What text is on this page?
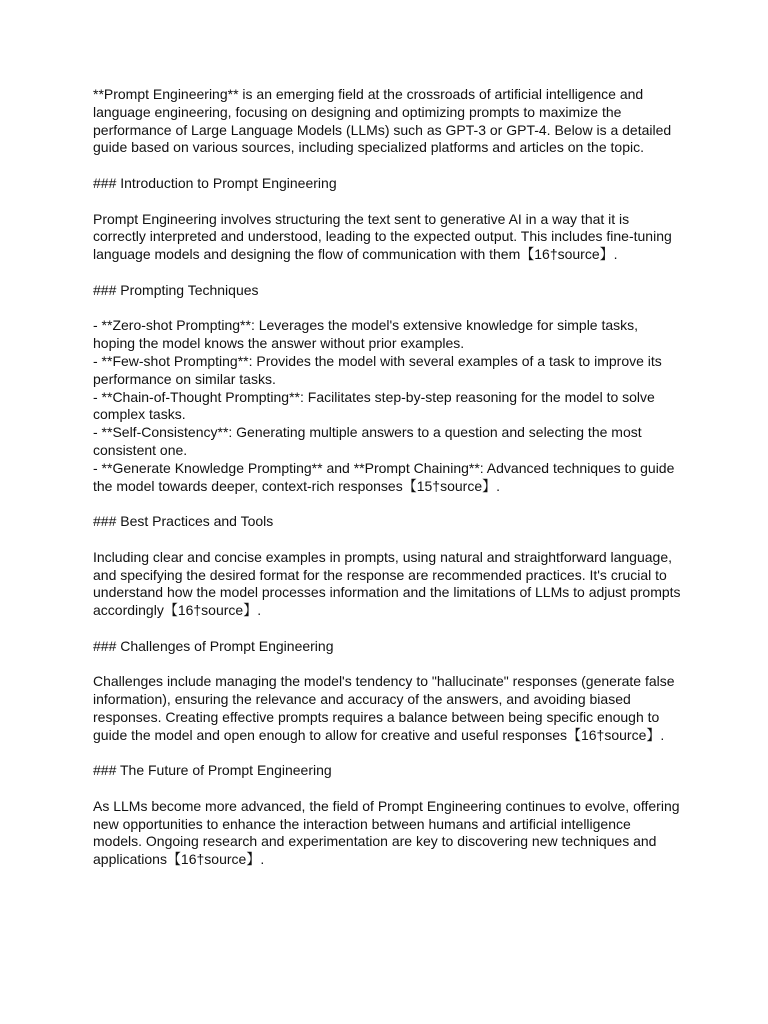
**Prompt Engineering** is an emerging field at the crossroads of artificial intelligence and language engineering, focusing on designing and optimizing prompts to maximize the performance of Large Language Models (LLMs) such as GPT-3 or GPT-4. Below is a detailed guide based on various sources, including specialized platforms and articles on the topic.

### Introduction to Prompt Engineering

Prompt Engineering involves structuring the text sent to generative AI in a way that it is correctly interpreted and understood, leading to the expected output. This includes fine-tuning language models and designing the flow of communication with them【16†source】.

### Prompting Techniques

- **Zero-shot Prompting**: Leverages the model's extensive knowledge for simple tasks, hoping the model knows the answer without prior examples.
- **Few-shot Prompting**: Provides the model with several examples of a task to improve its performance on similar tasks.
- **Chain-of-Thought Prompting**: Facilitates step-by-step reasoning for the model to solve complex tasks.
- **Self-Consistency**: Generating multiple answers to a question and selecting the most consistent one.
- **Generate Knowledge Prompting** and **Prompt Chaining**: Advanced techniques to guide the model towards deeper, context-rich responses【15†source】.

### Best Practices and Tools

Including clear and concise examples in prompts, using natural and straightforward language, and specifying the desired format for the response are recommended practices. It's crucial to understand how the model processes information and the limitations of LLMs to adjust prompts accordingly【16†source】.

### Challenges of Prompt Engineering

Challenges include managing the model's tendency to "hallucinate" responses (generate false information), ensuring the relevance and accuracy of the answers, and avoiding biased responses. Creating effective prompts requires a balance between being specific enough to guide the model and open enough to allow for creative and useful responses【16†source】.

### The Future of Prompt Engineering

As LLMs become more advanced, the field of Prompt Engineering continues to evolve, offering new opportunities to enhance the interaction between humans and artificial intelligence models. Ongoing research and experimentation are key to discovering new techniques and applications【16†source】.
